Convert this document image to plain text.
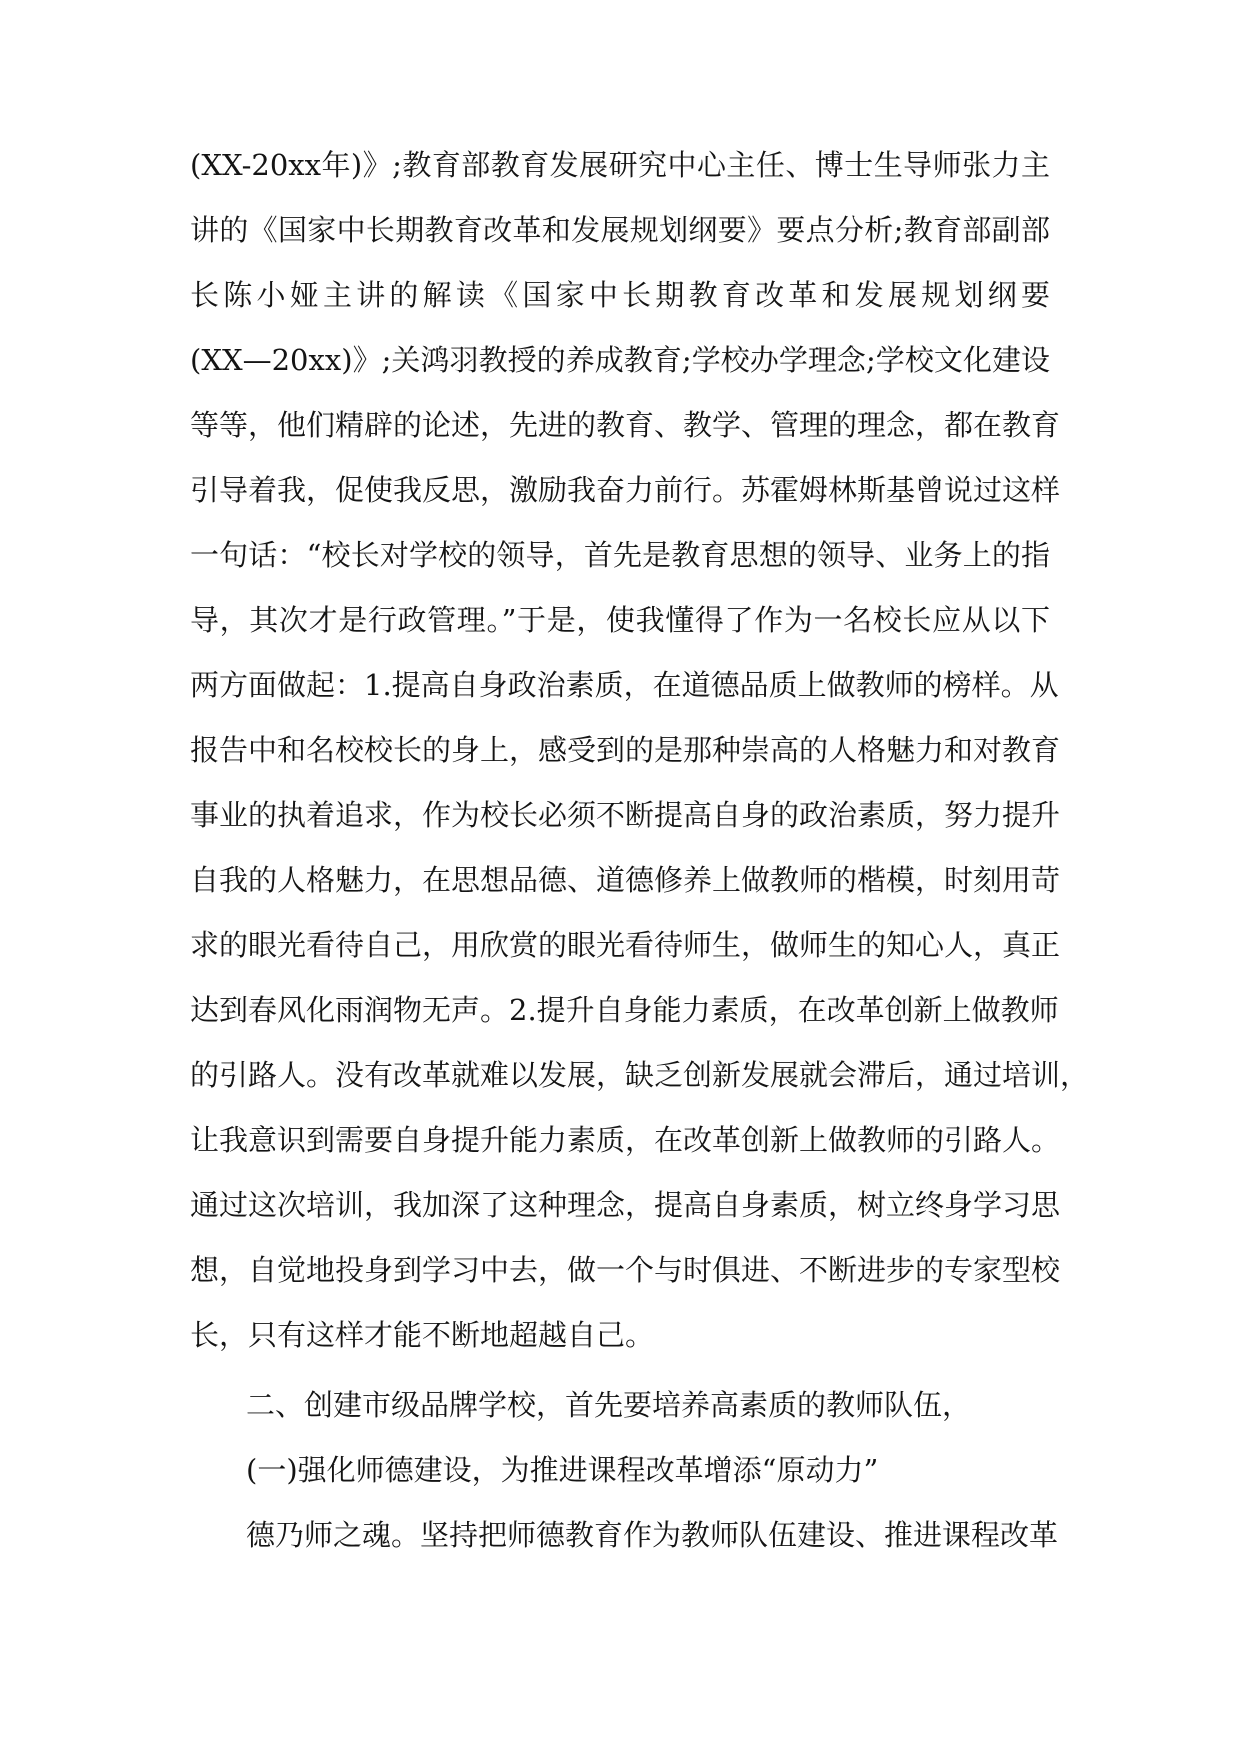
(XX-20xx年)》;教育部教育发展研究中心主任、博士生导师张力主
讲的《国家中长期教育改革和发展规划纲要》要点分析;教育部副部
长陈小娅主讲的解读《国家中长期教育改革和发展规划纲要
(XX—20xx)》;关鸿羽教授的养成教育;学校办学理念;学校文化建设
等等，他们精辟的论述，先进的教育、教学、管理的理念，都在教育
引导着我，促使我反思，激励我奋力前行。苏霍姆林斯基曾说过这样
一句话：“校长对学校的领导，首先是教育思想的领导、业务上的指
导，其次才是行政管理。”于是，使我懂得了作为一名校长应从以下
两方面做起：1.提高自身政治素质，在道德品质上做教师的榜样。从
报告中和名校校长的身上，感受到的是那种崇高的人格魅力和对教育
事业的执着追求，作为校长必须不断提高自身的政治素质，努力提升
自我的人格魅力，在思想品德、道德修养上做教师的楷模，时刻用苛
求的眼光看待自己，用欣赏的眼光看待师生，做师生的知心人，真正
达到春风化雨润物无声。2.提升自身能力素质，在改革创新上做教师
的引路人。没有改革就难以发展，缺乏创新发展就会滞后，通过培训，
让我意识到需要自身提升能力素质，在改革创新上做教师的引路人。
通过这次培训，我加深了这种理念，提高自身素质，树立终身学习思
想，自觉地投身到学习中去，做一个与时俱进、不断进步的专家型校
长，只有这样才能不断地超越自己。
二、创建市级品牌学校，首先要培养高素质的教师队伍，
(一)强化师德建设，为推进课程改革增添“原动力”
德乃师之魂。坚持把师德教育作为教师队伍建设、推进课程改革
